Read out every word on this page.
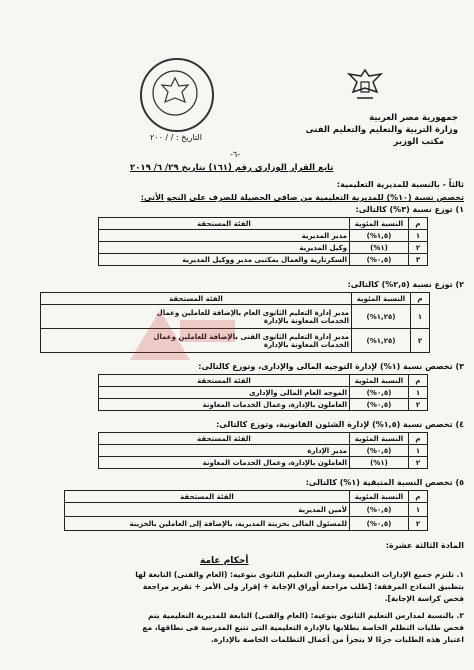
جمهورية مصر العربية
وزارة التربية والتعليم والتعليم الفنى
مكتب الوزير
التاريخ : / / ٢٠٠
-٦-
تابع القرار الوزارى رقم (١٦١) بتاريخ ٢٩/ ٦/ ٢٠١٩
ثالثاً - بالنسبة للمديرية التعليمية:
تخصص نسبة (١٠%) للمديرية التعليمية من صافى الحصيلة للصرف على النحو الأتى:
١) توزع نسبة (٣%) كالتالى:
م	النسبة المئوية	الفئة المستحقة
١	(١,٥%)	مدير المديرية
٢	(١%)	وكيل المديرية
٣	(٠,٥%)	السكرتارية والعمال بمكتبى مدير ووكيل المديرية
٢) توزع نسبة (٢,٥%) كالتالى:
م	النسبة المئوية	الفئة المستحقة
١	(١,٢٥%)	مدير إدارة التعليم الثانوى العام بالإضافة للعاملين وعمال
الخدمات المعاونة بالإدارة

٢	(١,٢٥%)	مدير إدارة التعليم الثانوى الفنى بالإضافة للعاملين وعمال
الخدمات المعاونة بالإدارة
٣) تخصص نسبة (١%) لإدارة التوجيه المالى والإدارى، وتوزع كالتالى:
م	النسبة المئوية	الفئة المستحقة
١	(٠,٥%)	الموجه العام المالى والإدارى
٢	(٠,٥%)	العاملون بالإدارة، وعمال الخدمات المعاونة
٤) تخصص نسبة (١,٥%) لإدارة الشئون القانونية، وتوزع كالتالى:
م	النسبة المئوية	الفئة المستحقة
١	(٠,٥%)	مدير الإدارة
٢	(١%)	العاملون بالإدارة، وعمال الخدمات المعاونة
٥) تخصص النسبة المتبقية (١%) كالتالى:
م	النسبة المئوية	الفئة المستحقة
١	(٠,٥%)	لأمين المديرية
٢	(٠,٥%)	للمسئول المالى بخزينة المديرية، بالإضافة إلى العاملين بالخزينة
المادة الثالثة عشرة:
أحكام عامة
١. تلتزم جميع الإدارات التعليمية ومدارس التعليم الثانوى بنوعيه: (العام والفنى) التابعة لها
بتطبيق النماذج المرفقة: [طلب مراجعة أوراق الإجابة + إقرار ولى الأمر + تقرير مراجعة
فحص كراسة الإجابة].
٢. بالنسبة لمدارس التعليم الثانوى بنوعيه: (العام والفنى) التابعة للمديرية التعليمية يتم
فحص طلبات التظلم الخاصة بطلابها بالإدارة التعليمية التى تتبع المدرسة فى نطاقها، مع
اعتبار هذه الطلبات جزءًا لا يتجزأ من أعمال التظلمات الخاصة بالإدارة.
